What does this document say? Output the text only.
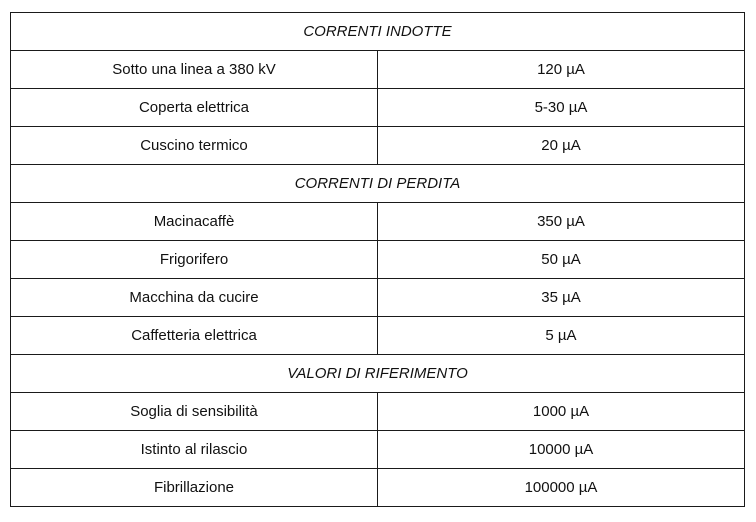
CORRENTI INDOTTE	
Sotto una linea a 380 kV	120 µA
Coperta elettrica	5-30 µA
Cuscino termico	20 µA
CORRENTI DI PERDITA	
Macinacaffè	350 µA
Frigorifero	50 µA
Macchina da cucire	35 µA
Caffetteria elettrica	5 µA
VALORI DI RIFERIMENTO	
Soglia di sensibilità	1000 µA
Istinto al rilascio	10000 µA
Fibrillazione	100000 µA
